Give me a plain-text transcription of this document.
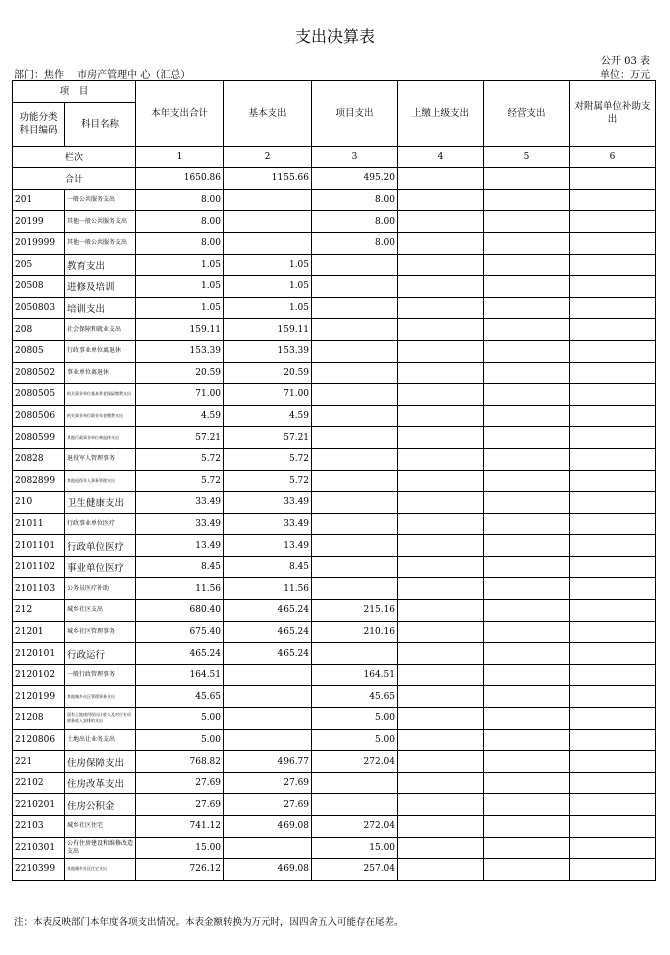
支出决算表
公开 03 表
部门：焦作　 市房产管理中 心（汇总）	单位：万元
项　目		本年支出合计	基本支出	项目支出	上缴上级支出	经营支出	对附属单位补助支出
功能分类科目编码	科目名称						
栏次		1	2	3	4	5	6
合计		1650.86	1155.66	495.20			
201	一般公共服务支出	8.00		8.00			
20199	其他一般公共服务支出	8.00		8.00			
2019999	其他一般公共服务支出	8.00		8.00			
205	教育支出	1.05	1.05				
20508	进修及培训	1.05	1.05				
2050803	培训支出	1.05	1.05				
208	社会保障和就业支出	159.11	159.11				
20805	行政事业单位离退休	153.39	153.39				
2080502	事业单位离退休	20.59	20.59				
2080505	机关事业单位基本养老保险缴费支出	71.00	71.00				
2080506	机关事业单位职业年金缴费支出	4.59	4.59				
2080599	其他行政事业单位离退休支出	57.21	57.21				
20828	退役军人管理事务	5.72	5.72				
2082899	其他退役军人事务管理支出	5.72	5.72				
210	卫生健康支出	33.49	33.49				
21011	行政事业单位医疗	33.49	33.49				
2101101	行政单位医疗	13.49	13.49				
2101102	事业单位医疗	8.45	8.45				
2101103	公务员医疗补助	11.56	11.56				
212	城乡社区支出	680.40	465.24	215.16			
21201	城乡社区管理事务	675.40	465.24	210.16			
2120101	行政运行	465.24	465.24				
2120102	一般行政管理事务	164.51		164.51			
2120199	其他城乡社区管理事务支出	45.65		45.65			
21208	国有土地使用权出让收入及对应专项债务收入安排的支出	5.00		5.00			
2120806	土地出让业务支出	5.00		5.00			
221	住房保障支出	768.82	496.77	272.04			
22102	住房改革支出	27.69	27.69				
2210201	住房公积金	27.69	27.69				
22103	城乡社区住宅	741.12	469.08	272.04			
2210301	公有住房建设和维修改造支出	15.00		15.00			
2210399	其他城乡社区住宅支出	726.12	469.08	257.04			
注：本表反映部门本年度各项支出情况。本表金额转换为万元时，因四舍五入可能存在尾差。
